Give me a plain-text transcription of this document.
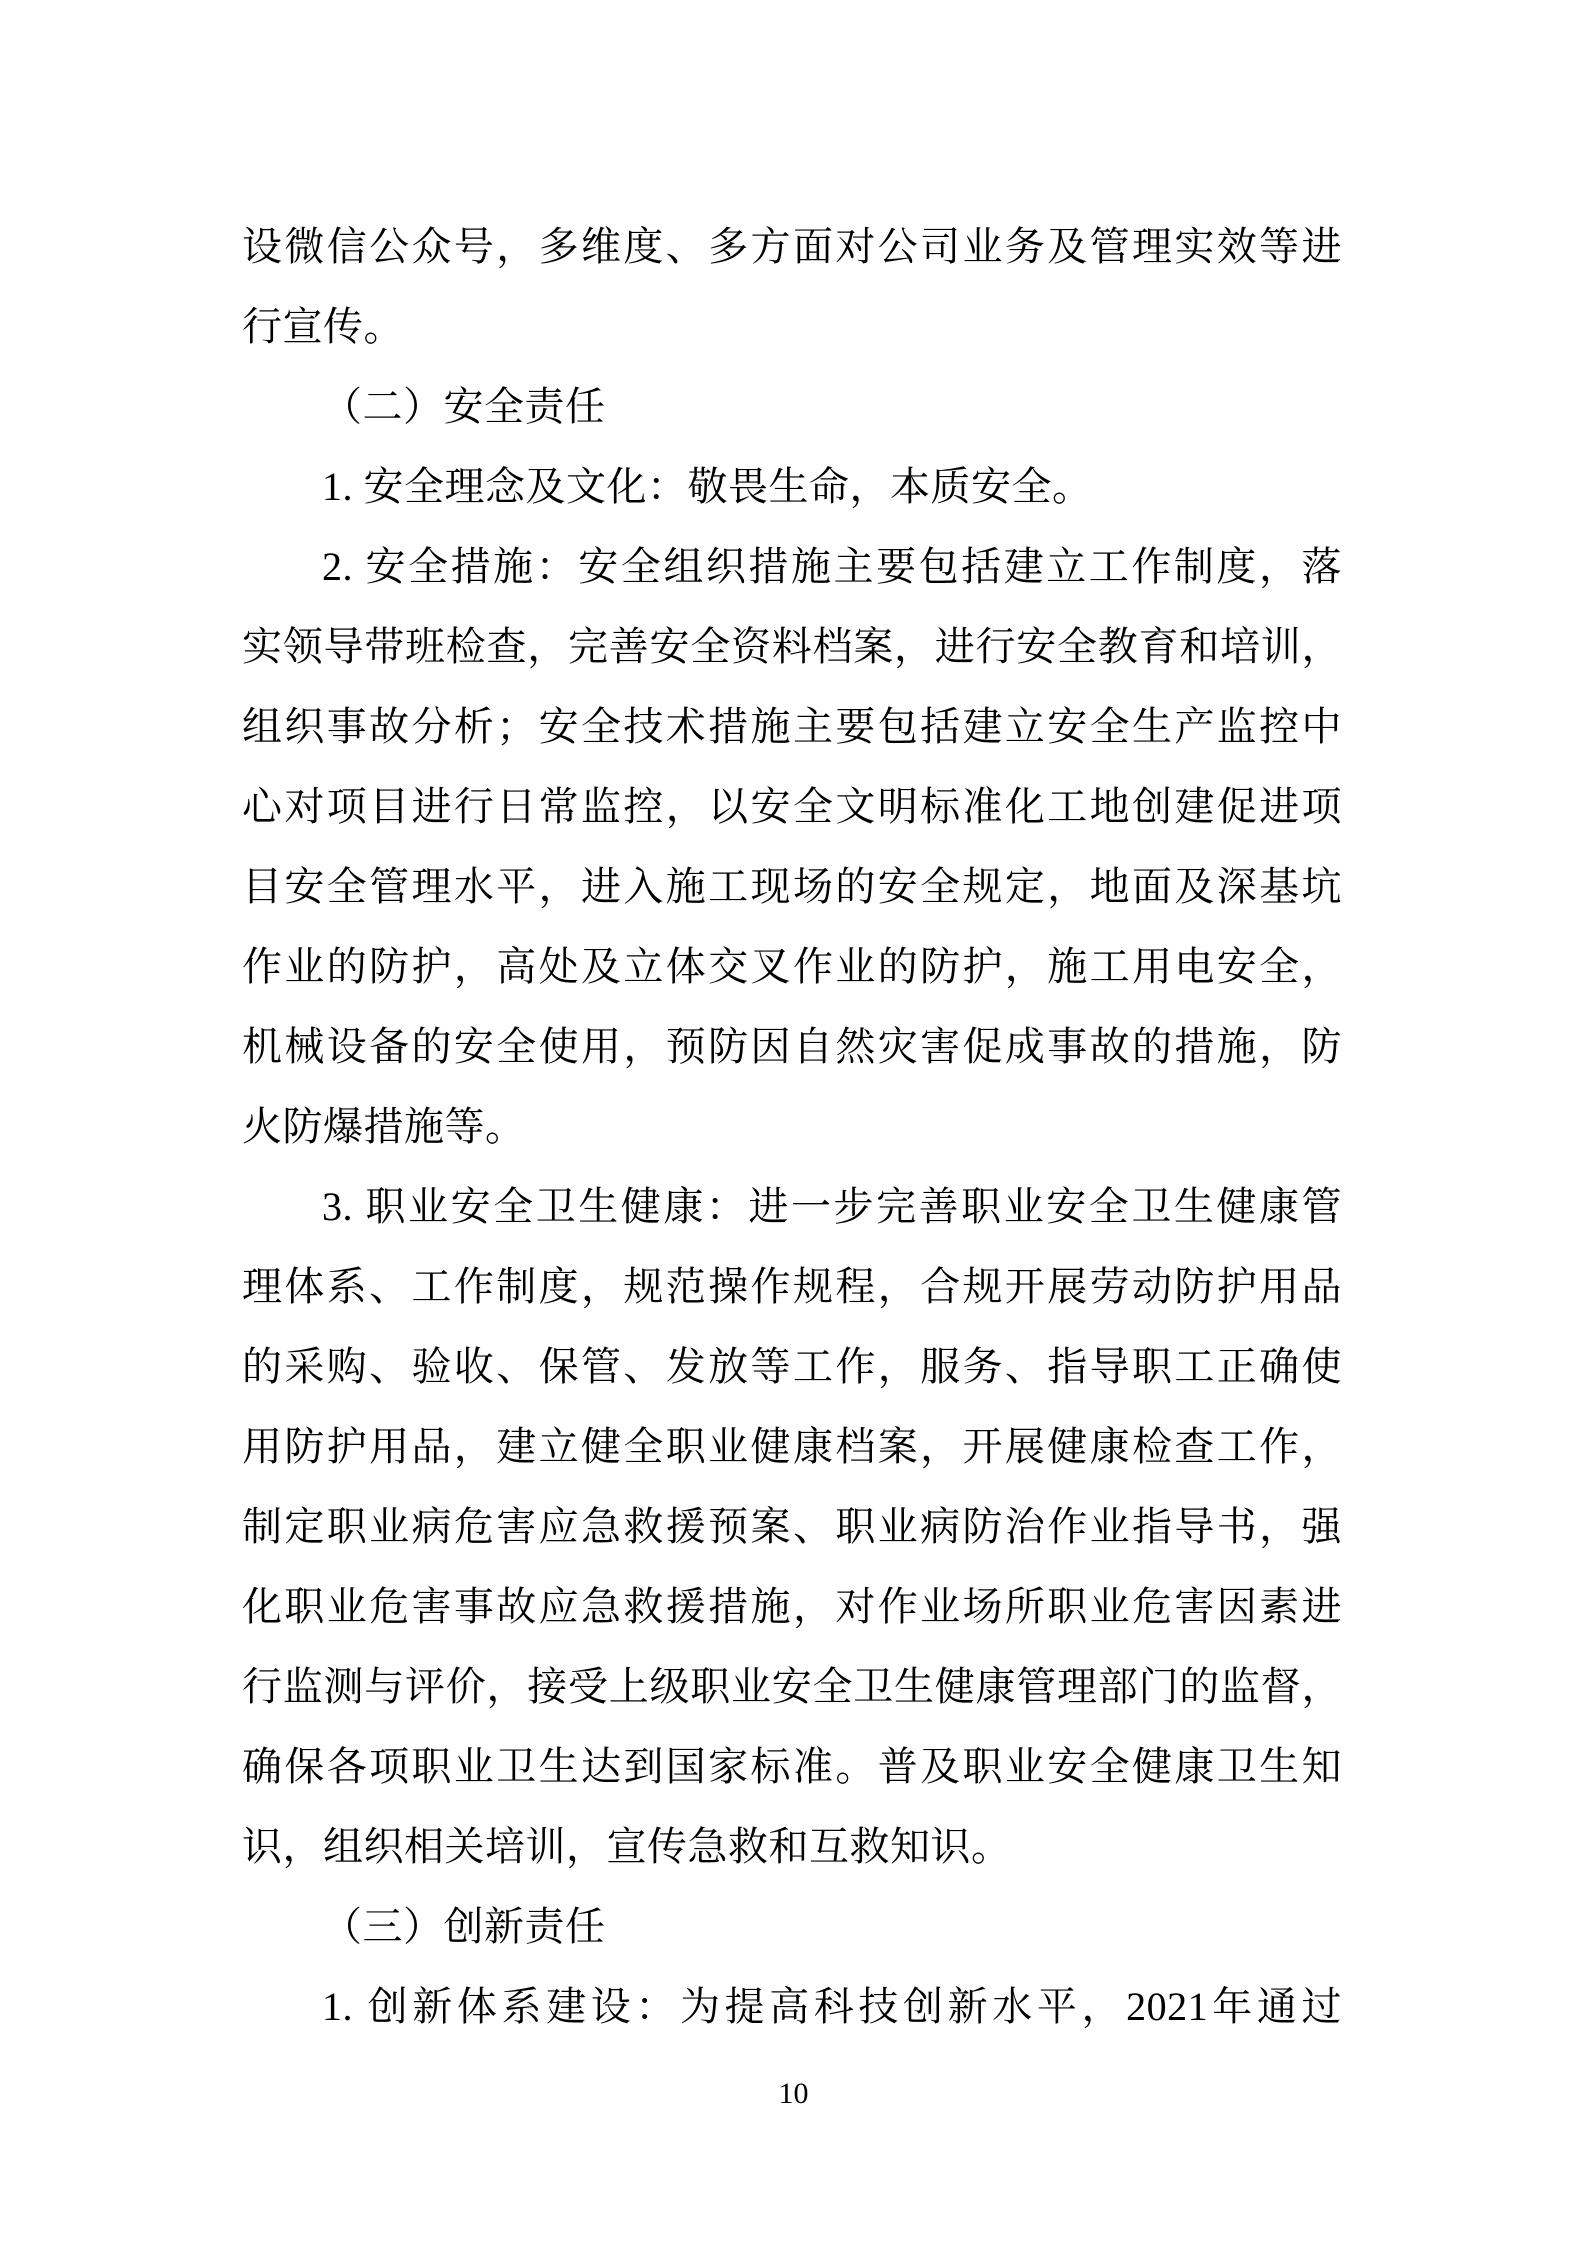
设微信公众号，多维度、多方面对公司业务及管理实效等进
行宣传。
（二）安全责任
1. 安全理念及文化：敬畏生命，本质安全。
2. 安全措施：安全组织措施主要包括建立工作制度，落
实领导带班检查，完善安全资料档案，进行安全教育和培训，
组织事故分析；安全技术措施主要包括建立安全生产监控中
心对项目进行日常监控，以安全文明标准化工地创建促进项
目安全管理水平，进入施工现场的安全规定，地面及深基坑
作业的防护，高处及立体交叉作业的防护，施工用电安全，
机械设备的安全使用，预防因自然灾害促成事故的措施，防
火防爆措施等。
3. 职业安全卫生健康：进一步完善职业安全卫生健康管
理体系、工作制度，规范操作规程，合规开展劳动防护用品
的采购、验收、保管、发放等工作，服务、指导职工正确使
用防护用品，建立健全职业健康档案，开展健康检查工作，
制定职业病危害应急救援预案、职业病防治作业指导书，强
化职业危害事故应急救援措施，对作业场所职业危害因素进
行监测与评价，接受上级职业安全卫生健康管理部门的监督，
确保各项职业卫生达到国家标准。普及职业安全健康卫生知
识，组织相关培训，宣传急救和互救知识。
（三）创新责任
1. 创新体系建设：为提高科技创新水平，2021年通过
10
